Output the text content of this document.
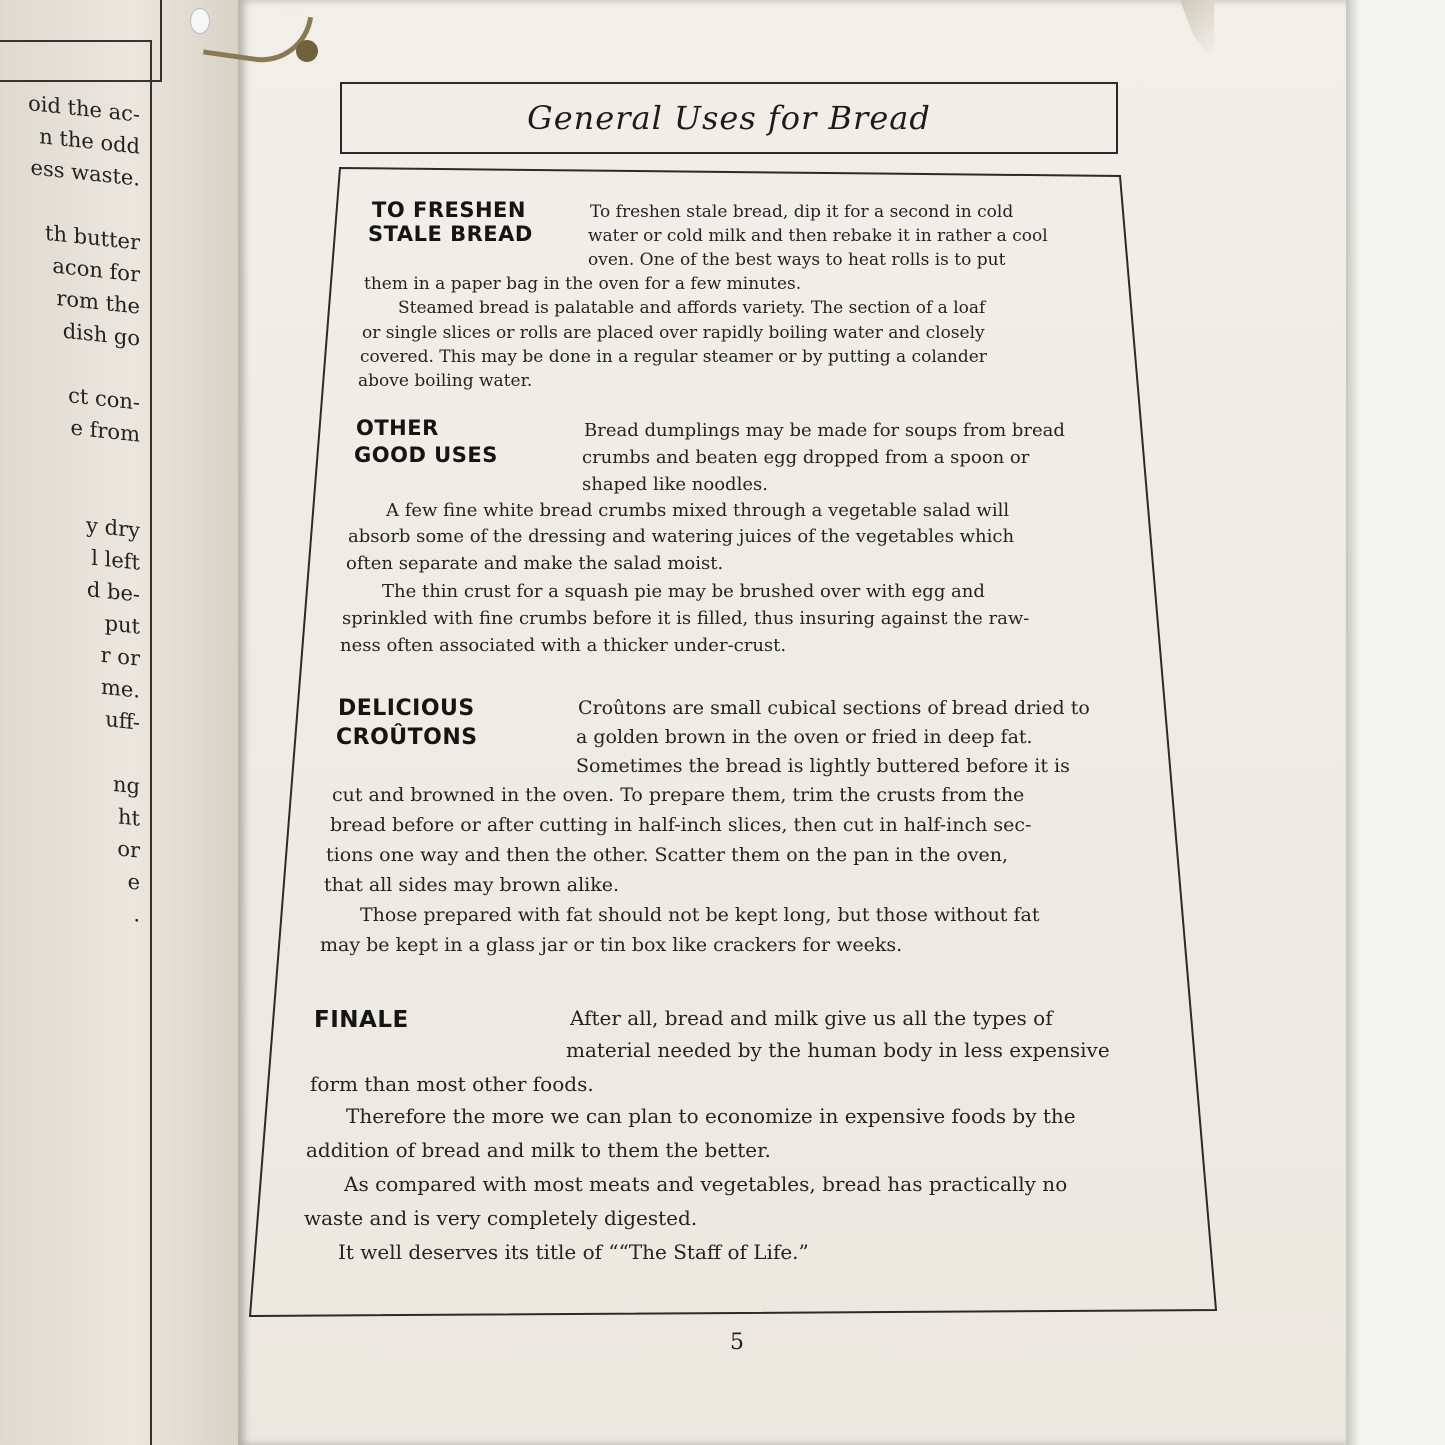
oid the ac-
n the odd
ess waste.
th butter
acon for
rom the
dish go
ct con-
e from
y dry
l left
d be-
put
r or
me.
uff-
ng
ht
or
e
.
General Uses for Bread
TO FRESHEN
STALE BREAD
To freshen stale bread, dip it for a second in cold
water or cold milk and then rebake it in rather a cool
oven. One of the best ways to heat rolls is to put
them in a paper bag in the oven for a few minutes.
Steamed bread is palatable and affords variety. The section of a loaf
or single slices or rolls are placed over rapidly boiling water and closely
covered. This may be done in a regular steamer or by putting a colander
above boiling water.
OTHER
GOOD USES
Bread dumplings may be made for soups from bread
crumbs and beaten egg dropped from a spoon or
shaped like noodles.
A few fine white bread crumbs mixed through a vegetable salad will
absorb some of the dressing and watering juices of the vegetables which
often separate and make the salad moist.
The thin crust for a squash pie may be brushed over with egg and
sprinkled with fine crumbs before it is filled, thus insuring against the raw-
ness often associated with a thicker under-crust.
DELICIOUS
CROÛTONS
Croûtons are small cubical sections of bread dried to
a golden brown in the oven or fried in deep fat.
Sometimes the bread is lightly buttered before it is
cut and browned in the oven. To prepare them, trim the crusts from the
bread before or after cutting in half-inch slices, then cut in half-inch sec-
tions one way and then the other. Scatter them on the pan in the oven,
that all sides may brown alike.
Those prepared with fat should not be kept long, but those without fat
may be kept in a glass jar or tin box like crackers for weeks.
FINALE	After all, bread and milk give us all the types of
material needed by the human body in less expensive
form than most other foods.
Therefore the more we can plan to economize in expensive foods by the
addition of bread and milk to them the better.
As compared with most meats and vegetables, bread has practically no
waste and is very completely digested.
It well deserves its title of ““The Staff of Life.”
5
